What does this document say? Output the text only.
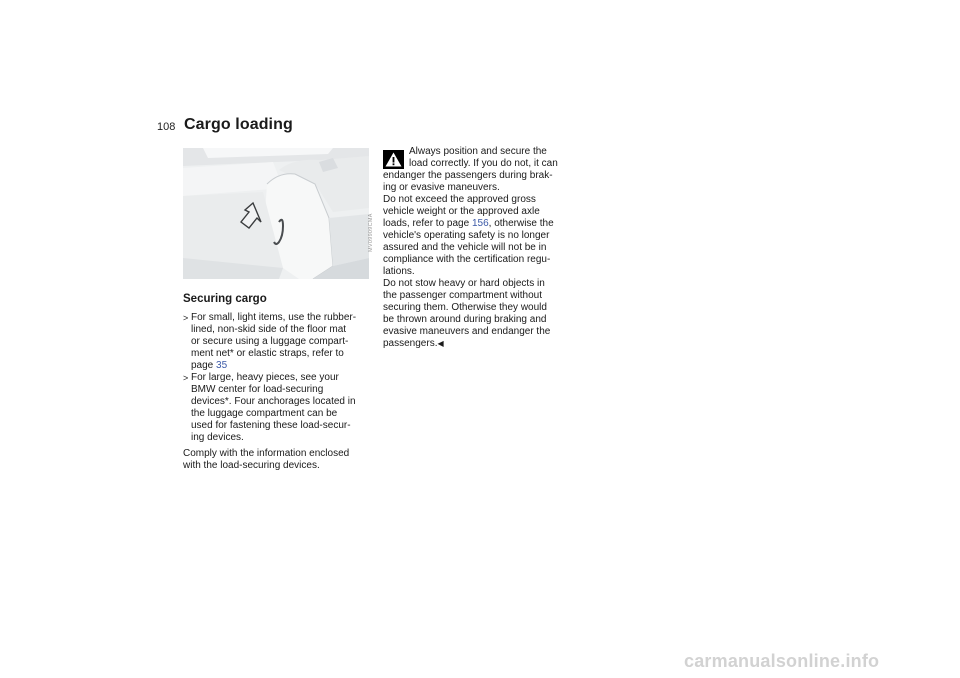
108 Cargo loading
MV09909CMA
Securing cargo
> For small, light items, use the rubber-
lined, non-skid side of the floor mat
or secure using a luggage compart-
ment net* or elastic straps, refer to
page 35
> For large, heavy pieces, see your
BMW center for load-securing
devices*. Four anchorages located in
the luggage compartment can be
used for fastening these load-secur-
ing devices.
Comply with the information enclosed
with the load-securing devices.
Always position and secure the
load correctly. If you do not, it can
endanger the passengers during brak-
ing or evasive maneuvers.
Do not exceed the approved gross
vehicle weight or the approved axle
loads, refer to page 156, otherwise the
vehicle's operating safety is no longer
assured and the vehicle will not be in
compliance with the certification regu-
lations.
Do not stow heavy or hard objects in
the passenger compartment without
securing them. Otherwise they would
be thrown around during braking and
evasive maneuvers and endanger the
passengers.◀
carmanualsonline.info
